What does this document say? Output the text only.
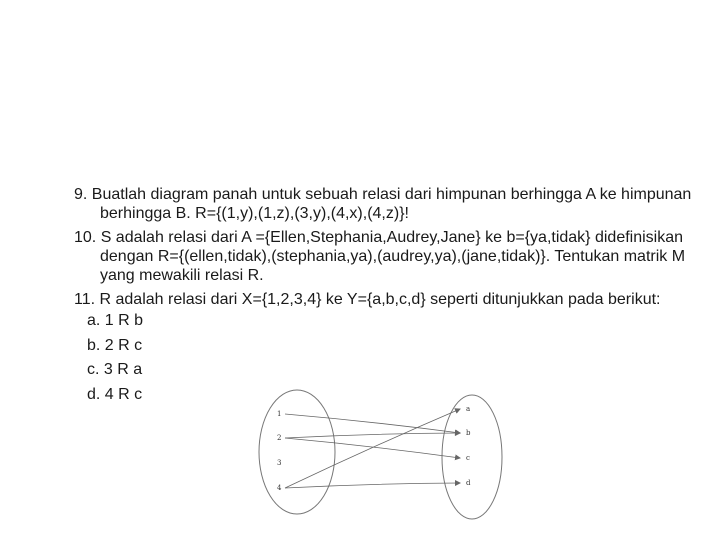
9. Buatlah diagram panah untuk sebuah relasi dari himpunan berhingga A ke himpunan berhingga B. R={(1,y),(1,z),(3,y),(4,x),(4,z)}!

10. S adalah relasi dari A ={Ellen,Stephania,Audrey,Jane} ke b={ya,tidak} didefinisikan dengan R={(ellen,tidak),(stephania,ya),(audrey,ya),(jane,tidak)}. Tentukan matrik M yang mewakili relasi R.

11. R adalah relasi dari X={1,2,3,4} ke Y={a,b,c,d} seperti ditunjukkan pada berikut:

a. 1 R b

b. 2 R c

c. 3 R a

d. 4 R c

1
2
3
4
a
b
c
d
